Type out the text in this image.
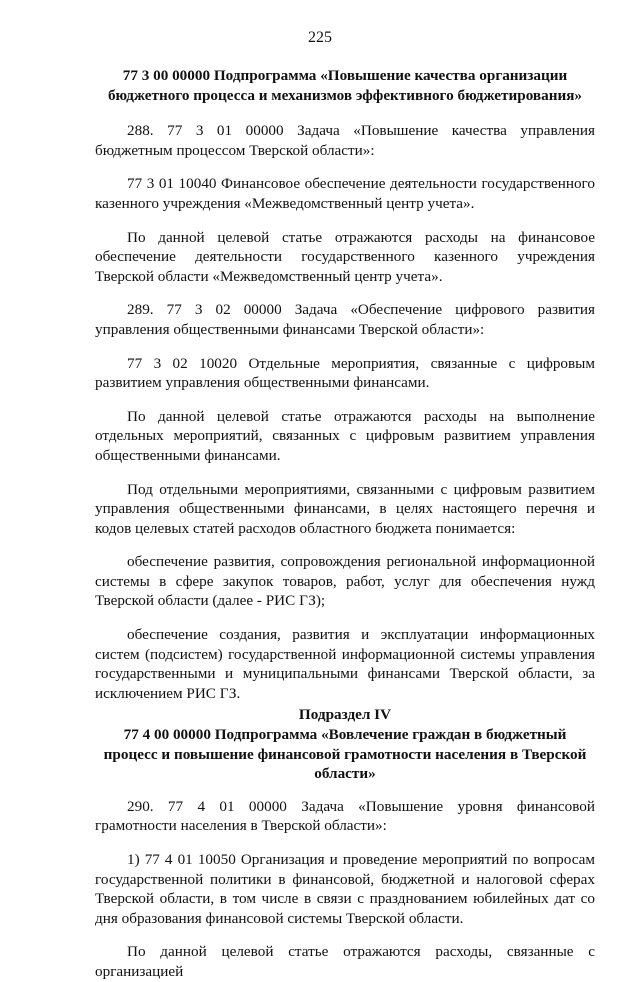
225

77 3 00 00000 Подпрограмма «Повышение качества организации бюджетного процесса и механизмов эффективного бюджетирования»

288. 77 3 01 00000 Задача «Повышение качества управления бюджетным процессом Тверской области»:

77 3 01 10040 Финансовое обеспечение деятельности государственного казенного учреждения «Межведомственный центр учета».

По данной целевой статье отражаются расходы на финансовое обеспечение деятельности государственного казенного учреждения Тверской области «Межведомственный центр учета».

289. 77 3 02 00000 Задача «Обеспечение цифрового развития управления общественными финансами Тверской области»:

77 3 02 10020 Отдельные мероприятия, связанные с цифровым развитием управления общественными финансами.

По данной целевой статье отражаются расходы на выполнение отдельных мероприятий, связанных с цифровым развитием управления общественными финансами.

Под отдельными мероприятиями, связанными с цифровым развитием управления общественными финансами, в целях настоящего перечня и кодов целевых статей расходов областного бюджета понимается:

обеспечение развития, сопровождения региональной информационной системы в сфере закупок товаров, работ, услуг для обеспечения нужд Тверской области (далее - РИС ГЗ);

обеспечение создания, развития и эксплуатации информационных систем (подсистем) государственной информационной системы управления государственными и муниципальными финансами Тверской области, за исключением РИС ГЗ.

Подраздел IV

77 4 00 00000 Подпрограмма «Вовлечение граждан в бюджетный процесс и повышение финансовой грамотности населения в Тверской области»

290. 77 4 01 00000 Задача «Повышение уровня финансовой грамотности населения в Тверской области»:

1) 77 4 01 10050 Организация и проведение мероприятий по вопросам государственной политики в финансовой, бюджетной и налоговой сферах Тверской области, в том числе в связи с празднованием юбилейных дат со дня образования финансовой системы Тверской области.

По данной целевой статье отражаются расходы, связанные с организацией
